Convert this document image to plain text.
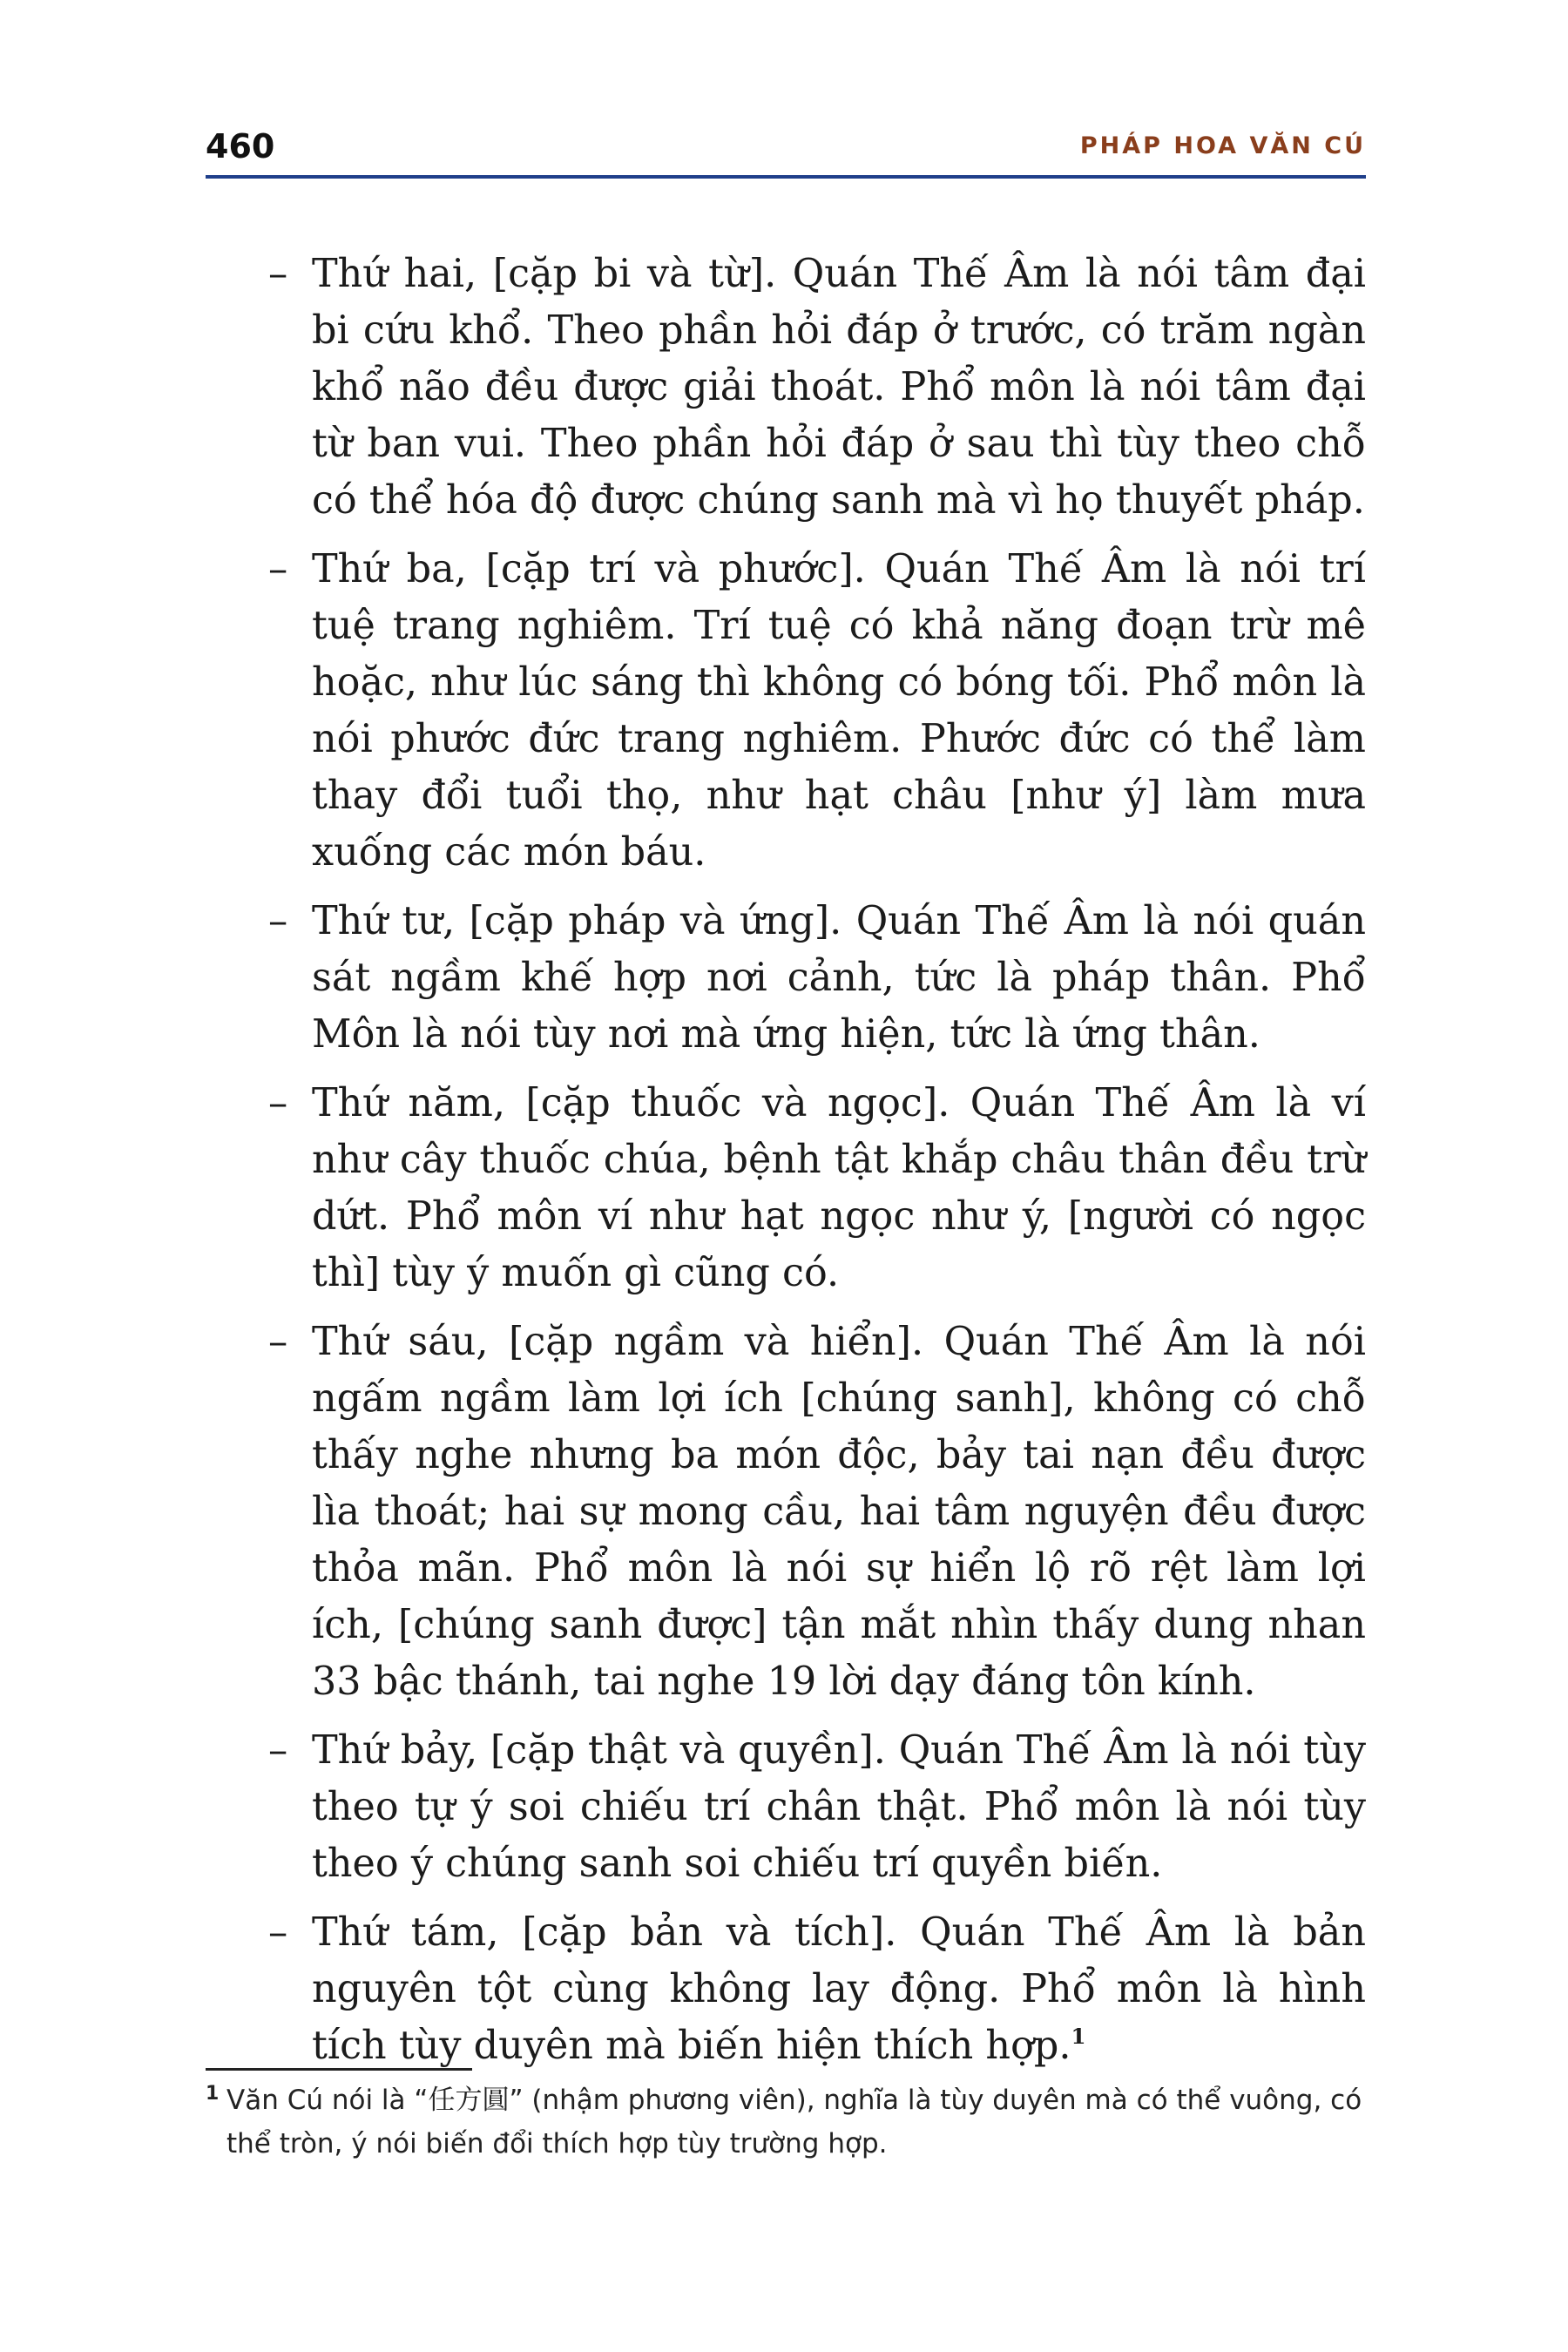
460	PHÁP HOA VĂN CÚ

– Thứ hai, [cặp bi và từ]. Quán Thế Âm là nói tâm đại bi cứu khổ. Theo phần hỏi đáp ở trước, có trăm ngàn khổ não đều được giải thoát. Phổ môn là nói tâm đại từ ban vui. Theo phần hỏi đáp ở sau thì tùy theo chỗ có thể hóa độ được chúng sanh mà vì họ thuyết pháp.

– Thứ ba, [cặp trí và phước]. Quán Thế Âm là nói trí tuệ trang nghiêm. Trí tuệ có khả năng đoạn trừ mê hoặc, như lúc sáng thì không có bóng tối. Phổ môn là nói phước đức trang nghiêm. Phước đức có thể làm thay đổi tuổi thọ, như hạt châu [như ý] làm mưa xuống các món báu.

– Thứ tư, [cặp pháp và ứng]. Quán Thế Âm là nói quán sát ngầm khế hợp nơi cảnh, tức là pháp thân. Phổ Môn là nói tùy nơi mà ứng hiện, tức là ứng thân.

– Thứ năm, [cặp thuốc và ngọc]. Quán Thế Âm là ví như cây thuốc chúa, bệnh tật khắp châu thân đều trừ dứt. Phổ môn ví như hạt ngọc như ý, [người có ngọc thì] tùy ý muốn gì cũng có.

– Thứ sáu, [cặp ngầm và hiển]. Quán Thế Âm là nói ngấm ngầm làm lợi ích [chúng sanh], không có chỗ thấy nghe nhưng ba món độc, bảy tai nạn đều được lìa thoát; hai sự mong cầu, hai tâm nguyện đều được thỏa mãn. Phổ môn là nói sự hiển lộ rõ rệt làm lợi ích, [chúng sanh được] tận mắt nhìn thấy dung nhan 33 bậc thánh, tai nghe 19 lời dạy đáng tôn kính.

– Thứ bảy, [cặp thật và quyền]. Quán Thế Âm là nói tùy theo tự ý soi chiếu trí chân thật. Phổ môn là nói tùy theo ý chúng sanh soi chiếu trí quyền biến.

– Thứ tám, [cặp bản và tích]. Quán Thế Âm là bản nguyên tột cùng không lay động. Phổ môn là hình tích tùy duyên mà biến hiện thích hợp.$^1$

1 Văn Cú nói là “任方圓” (nhậm phương viên), nghĩa là tùy duyên mà có thể vuông, có thể tròn, ý nói biến đổi thích hợp tùy trường hợp.
